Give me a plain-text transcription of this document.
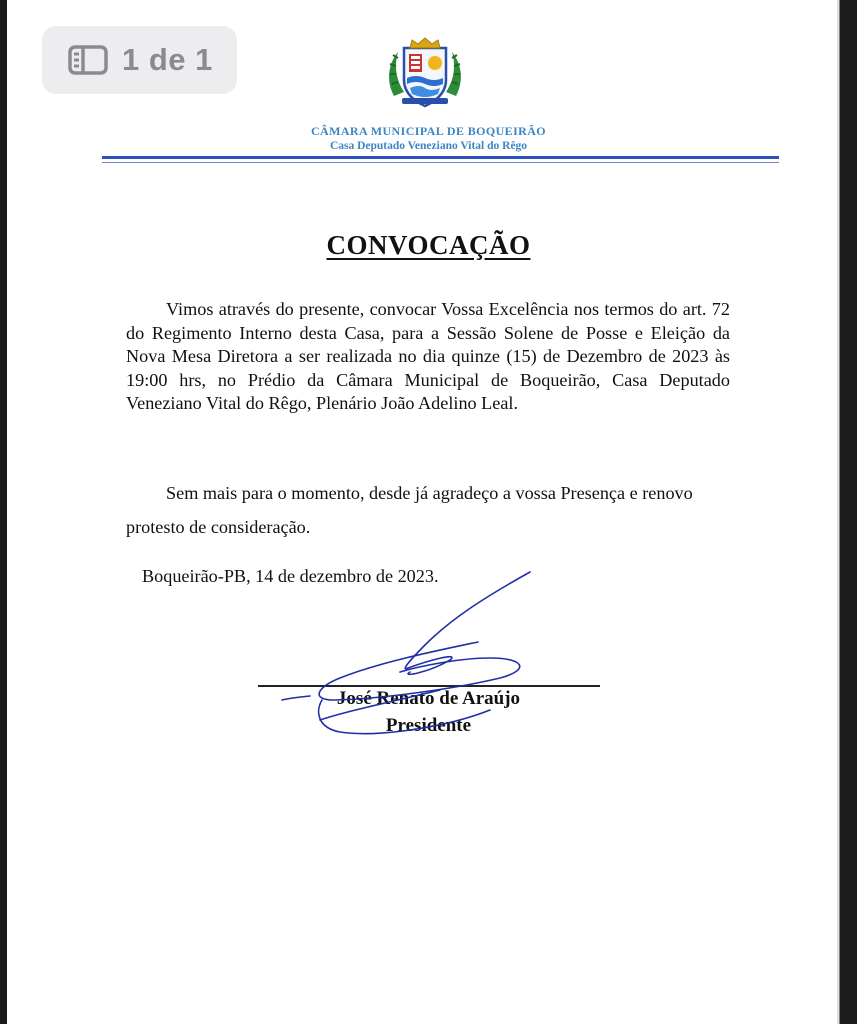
1 de 1
CÂMARA MUNICIPAL DE BOQUEIRÃO
Casa Deputado Veneziano Vital do Rêgo
CONVOCAÇÃO
Vimos através do presente, convocar Vossa Excelência nos termos do art. 72 do Regimento Interno desta Casa, para a Sessão Solene de Posse e Eleição da Nova Mesa Diretora a ser realizada no dia quinze (15) de Dezembro de 2023 às 19:00 hrs, no Prédio da Câmara Municipal de Boqueirão, Casa Deputado Veneziano Vital do Rêgo, Plenário João Adelino Leal.
Sem mais para o momento, desde já agradeço a vossa Presença e renovo protesto de consideração.
Boqueirão-PB, 14 de dezembro de 2023.
José Renato de Araújo
Presidente
